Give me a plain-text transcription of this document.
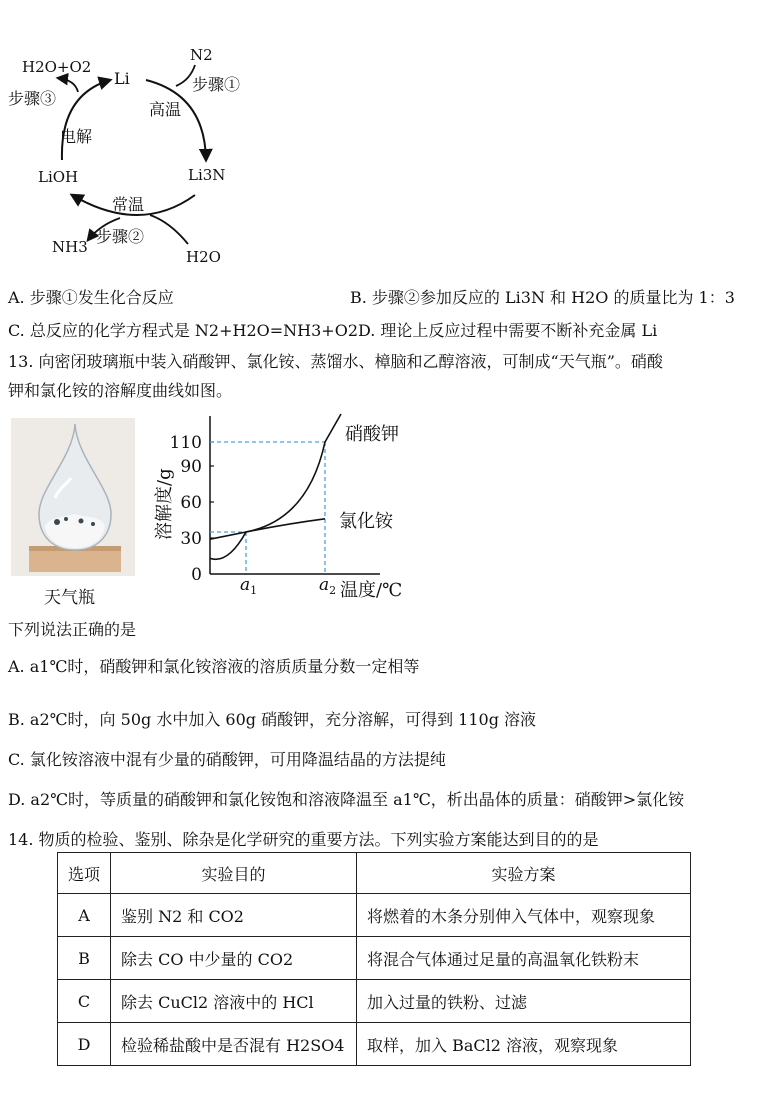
H2O+O2
Li
N2
Li3N
LiOH
NH3
H2O
步骤①
高温
步骤③
电解
常温
步骤②
A. 步骤①发生化合反应	B. 步骤②参加反应的 Li3N 和 H2O 的质量比为 1：3
C. 总反应的化学方程式是 N2+H2O=NH3+O2 D. 理论上反应过程中需要不断补充金属 Li
13. 向密闭玻璃瓶中装入硝酸钾、氯化铵、蒸馏水、樟脑和乙醇溶液，可制成“天气瓶”。硝酸
钾和氯化铵的溶解度曲线如图。
天气瓶
0
30
60
90
110	硝酸钾
氯化铵
$a_1$	$a_2$ 温度/℃
溶解度/g
下列说法正确的是
A. a1℃时，硝酸钾和氯化铵溶液的溶质质量分数一定相等
B. a2℃时，向 50g 水中加入 60g 硝酸钾，充分溶解，可得到 110g 溶液
C. 氯化铵溶液中混有少量的硝酸钾，可用降温结晶的方法提纯
D. a2℃时，等质量的硝酸钾和氯化铵饱和溶液降温至 a1℃，析出晶体的质量：硝酸钾>氯化铵
14. 物质的检验、鉴别、除杂是化学研究的重要方法。下列实验方案能达到目的的是
选项	实验目的	实验方案
A	鉴别 N2 和 CO2	将燃着的木条分别伸入气体中，观察现象
B	除去 CO 中少量的 CO2	将混合气体通过足量的高温氧化铁粉末
C	除去 CuCl2 溶液中的 HCl	加入过量的铁粉、过滤
D	检验稀盐酸中是否混有 H2SO4	取样，加入 BaCl2 溶液，观察现象
